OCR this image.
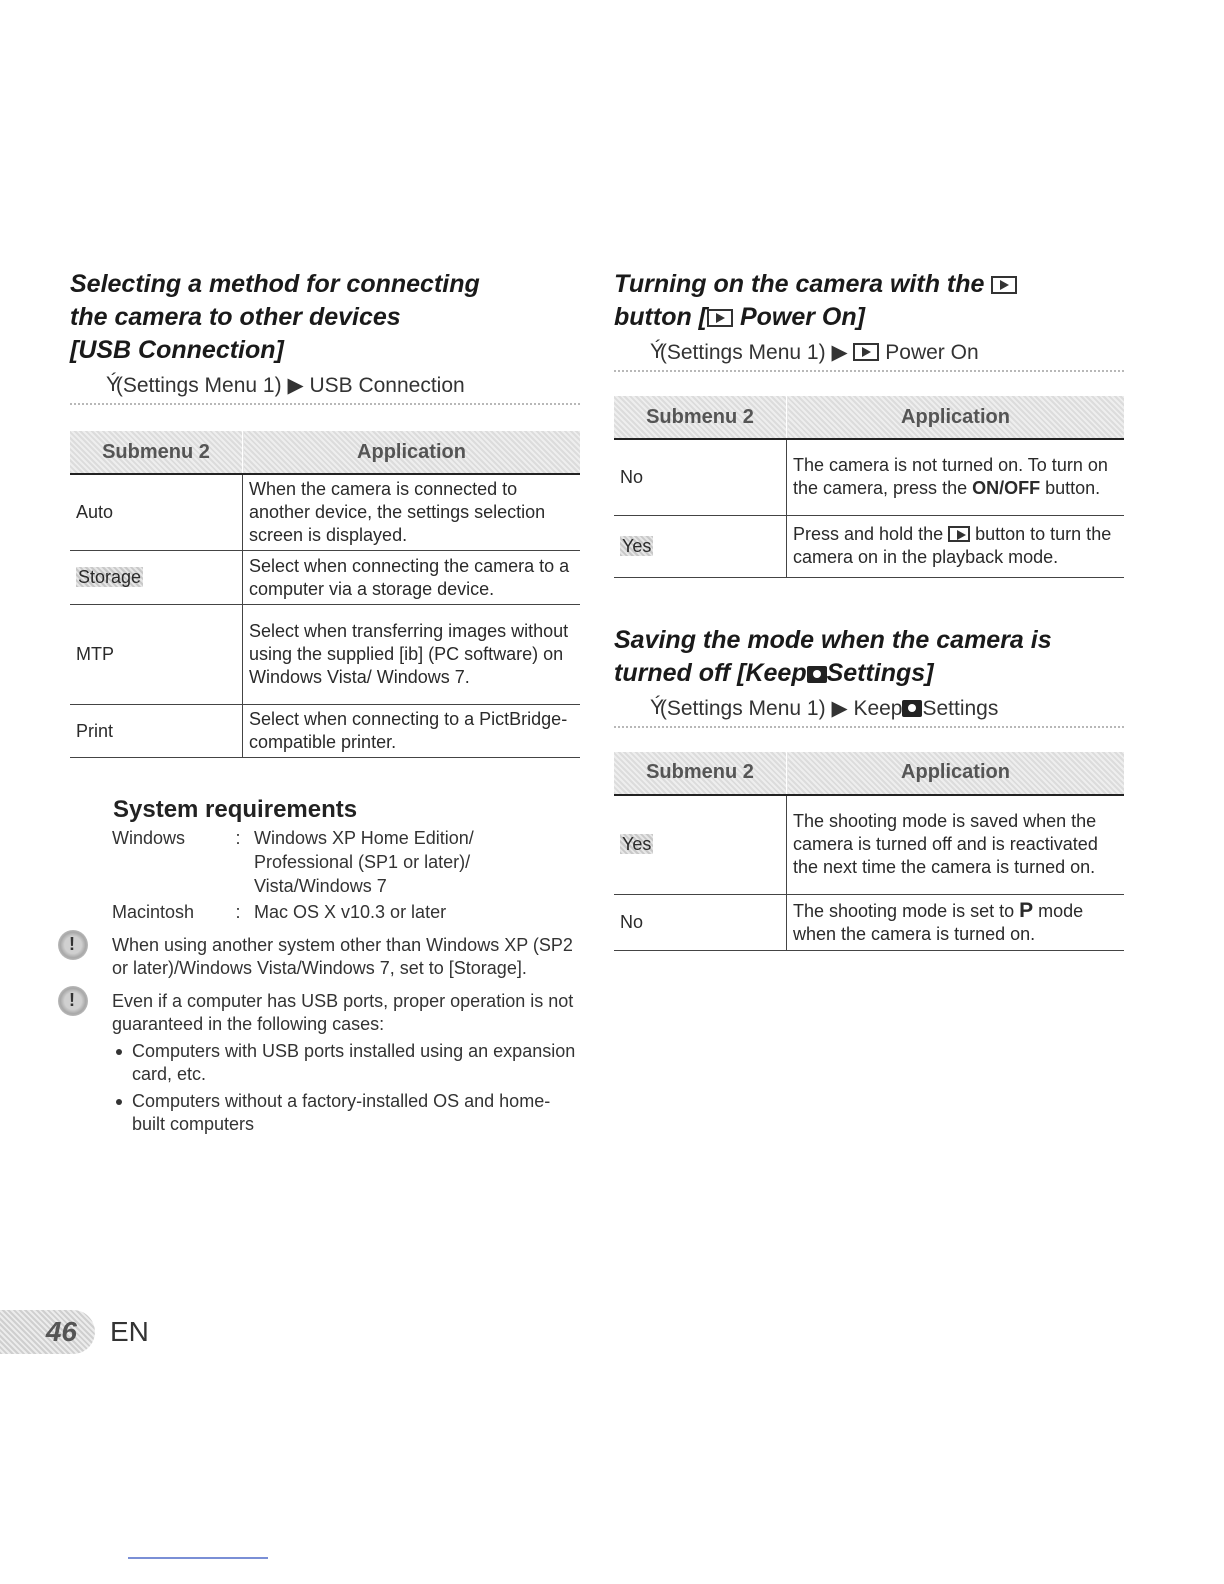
Selecting a method for connecting
the camera to other devices
[USB Connection]
Ý
(Settings Menu 1) ▶ USB Connection
Submenu 2	Application
Auto	When the camera is connected to another device, the settings selection screen is displayed.
Storage	Select when connecting the camera to a computer via a storage device.
MTP	Select when transferring images without using the supplied [ib] (PC software) on Windows Vista/ Windows 7.
Print	Select when connecting to a PictBridge-compatible printer.
System requirements
Windows	: Windows XP Home Edition/
Professional (SP1 or later)/
Vista/Windows 7
Macintosh	: Mac OS X v10.3 or later
!
When using another system other than Windows XP (SP2 or later)/Windows Vista/Windows 7, set to [Storage].
!
Even if a computer has USB ports, proper operation is not guaranteed in the following cases:
Computers with USB ports installed using an expansion card, etc.
Computers without a factory-installed OS and home-built computers
Turning on the camera with the
button [ Power On]
Ý
(Settings Menu 1) ▶ Power On
Submenu 2	Application
No	The camera is not turned on. To turn on the camera, press the ON/OFF button.
Yes	Press and hold the  button to turn the camera on in the playback mode.
Saving the mode when the camera is
turned off [Keep Settings]
Ý
(Settings Menu 1) ▶ Keep Settings
Submenu 2	Application
Yes	The shooting mode is saved when the camera is turned off and is reactivated the next time the camera is turned on.
No	The shooting mode is set to P mode when the camera is turned on.
46 EN
